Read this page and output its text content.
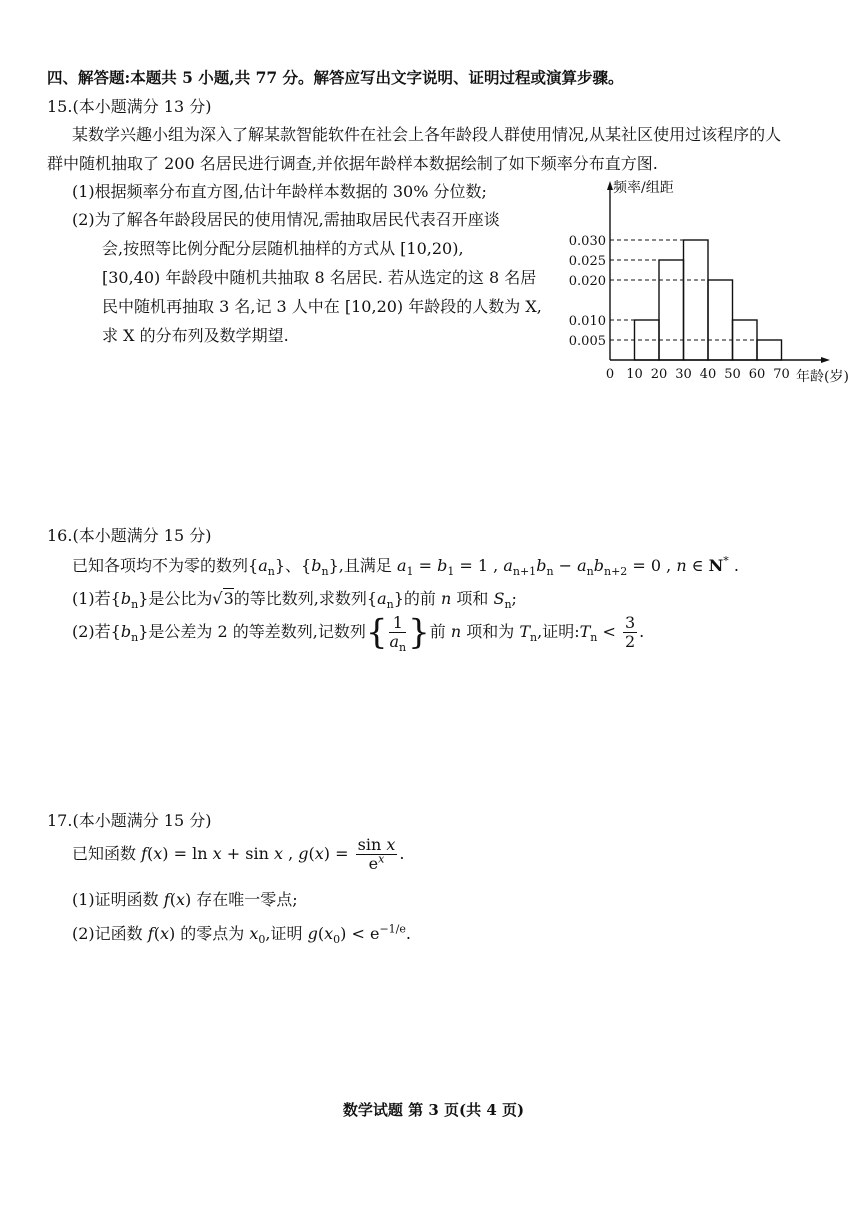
四、解答题:本题共 5 小题,共 77 分。解答应写出文字说明、证明过程或演算步骤。
15.(本小题满分 13 分)
某数学兴趣小组为深入了解某款智能软件在社会上各年龄段人群使用情况,从某社区使用过该程序的人
群中随机抽取了 200 名居民进行调查,并依据年龄样本数据绘制了如下频率分布直方图.
(1)根据频率分布直方图,估计年龄样本数据的 30% 分位数;
(2)为了解各年龄段居民的使用情况,需抽取居民代表召开座谈
会,按照等比例分配分层随机抽样的方式从 [10,20),
[30,40) 年龄段中随机共抽取 8 名居民. 若从选定的这 8 名居
民中随机再抽取 3 名,记 3 人中在 [10,20) 年龄段的人数为 X,
求 X 的分布列及数学期望.	0.005
0.010
0.020
0.025
0.030
0 10 20 30 40 50 60 70
频率/组距
年龄(岁)
16.(本小题满分 15 分)
已知各项均不为零的数列$\{a_n\}$、$\{b_n\}$,且满足 $a_1 = b_1 = 1$ , $a_{n+1}b_n - a_nb_{n+2} = 0$ , n ∈ N* .
(1)若$\{b_n\}$是公比为√3的等比数列,求数列$\{a_n\}$的前 n 项和 $S_n$;
(2)若$\{b_n\}$是公差为 2 的等差数列,记数列{ $\frac{1}{a_n}$ }前 n 项和为 $T_n$,证明$:T_n < \frac{3}{2}$ .
17.(本小题满分 15 分)
已知函数 f(x) = ln x + sin x , $g(x) = \frac{\text{sin x}}{e^x}$ .
(1)证明函数 f(x) 存在唯一零点;
(2)记函数 f(x) 的零点为 $x_0$,证明 $g(x_0) < e^{-1/e}$.
数学试题 第 3 页(共 4 页)
